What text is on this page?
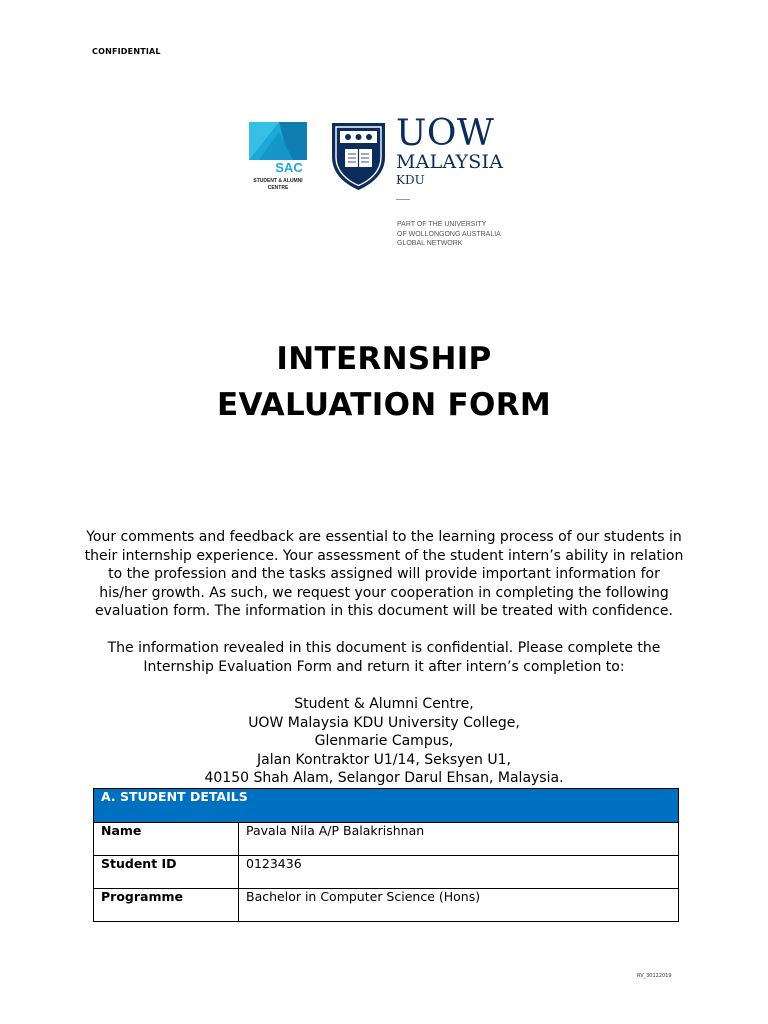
CONFIDENTIAL
SAC
STUDENT & ALUMNI
CENTRE
UOW
MALAYSIA
KDU
PART OF THE UNIVERSITY
OF WOLLONGONG AUSTRALIA
GLOBAL NETWORK
INTERNSHIP
EVALUATION FORM
Your comments and feedback are essential to the learning process of our students in
their internship experience. Your assessment of the student intern’s ability in relation
to the profession and the tasks assigned will provide important information for
his/her growth. As such, we request your cooperation in completing the following
evaluation form. The information in this document will be treated with confidence.
The information revealed in this document is confidential. Please complete the
Internship Evaluation Form and return it after intern’s completion to:
Student & Alumni Centre,
UOW Malaysia KDU University College,
Glenmarie Campus,
Jalan Kontraktor U1/14, Seksyen U1,
40150 Shah Alam, Selangor Darul Ehsan, Malaysia.
A. STUDENT DETAILS	
Name	Pavala Nila A/P Balakrishnan
Student ID	0123436
Programme	Bachelor in Computer Science (Hons)
RV_30122019
